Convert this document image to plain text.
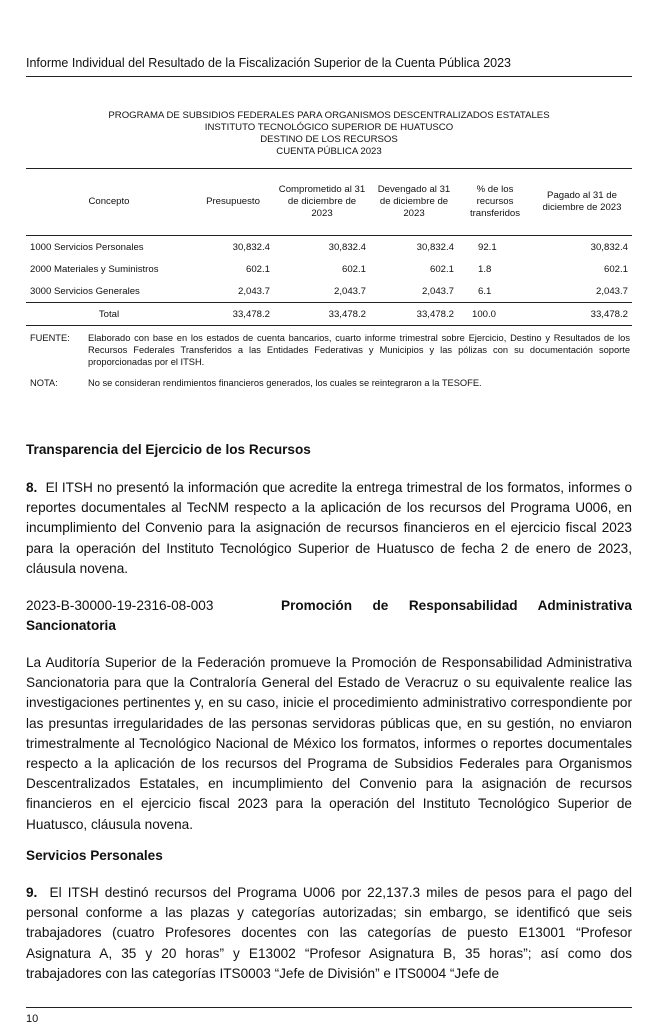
Informe Individual del Resultado de la Fiscalización Superior de la Cuenta Pública 2023
PROGRAMA DE SUBSIDIOS FEDERALES PARA ORGANISMOS DESCENTRALIZADOS ESTATALES
INSTITUTO TECNOLÓGICO SUPERIOR DE HUATUSCO
DESTINO DE LOS RECURSOS
CUENTA PÚBLICA 2023
Concepto	Presupuesto	Comprometido al 31 de diciembre de 2023	Devengado al 31 de diciembre de 2023	% de los recursos transferidos	Pagado al 31 de diciembre de 2023
1000 Servicios Personales	30,832.4	30,832.4	30,832.4	92.1	30,832.4
2000 Materiales y Suministros	602.1	602.1	602.1	1.8	602.1
3000 Servicios Generales	2,043.7	2,043.7	2,043.7	6.1	2,043.7
Total	33,478.2	33,478.2	33,478.2	100.0	33,478.2
FUENTE: Elaborado con base en los estados de cuenta bancarios, cuarto informe trimestral sobre Ejercicio, Destino y Resultados de los Recursos Federales Transferidos a las Entidades Federativas y Municipios y las pólizas con su documentación soporte proporcionadas por el ITSH.
NOTA:	No se consideran rendimientos financieros generados, los cuales se reintegraron a la TESOFE.
Transparencia del Ejercicio de los Recursos
8. El ITSH no presentó la información que acredite la entrega trimestral de los formatos, informes o reportes documentales al TecNM respecto a la aplicación de los recursos del Programa U006, en incumplimiento del Convenio para la asignación de recursos financieros en el ejercicio fiscal 2023 para la operación del Instituto Tecnológico Superior de Huatusco de fecha 2 de enero de 2023, cláusula novena.
2023-B-30000-19-2316-08-003	Promoción de Responsabilidad Administrativa
Sancionatoria
La Auditoría Superior de la Federación promueve la Promoción de Responsabilidad Administrativa Sancionatoria para que la Contraloría General del Estado de Veracruz o su equivalente realice las investigaciones pertinentes y, en su caso, inicie el procedimiento administrativo correspondiente por las presuntas irregularidades de las personas servidoras públicas que, en su gestión, no enviaron trimestralmente al Tecnológico Nacional de México los formatos, informes o reportes documentales respecto a la aplicación de los recursos del Programa de Subsidios Federales para Organismos Descentralizados Estatales, en incumplimiento del Convenio para la asignación de recursos financieros en el ejercicio fiscal 2023 para la operación del Instituto Tecnológico Superior de Huatusco, cláusula novena.
Servicios Personales
9. El ITSH destinó recursos del Programa U006 por 22,137.3 miles de pesos para el pago del personal conforme a las plazas y categorías autorizadas; sin embargo, se identificó que seis trabajadores (cuatro Profesores docentes con las categorías de puesto E13001 “Profesor Asignatura A, 35 y 20 horas” y E13002 “Profesor Asignatura B, 35 horas”; así como dos trabajadores con las categorías ITS0003 “Jefe de División” e ITS0004 “Jefe de
10
